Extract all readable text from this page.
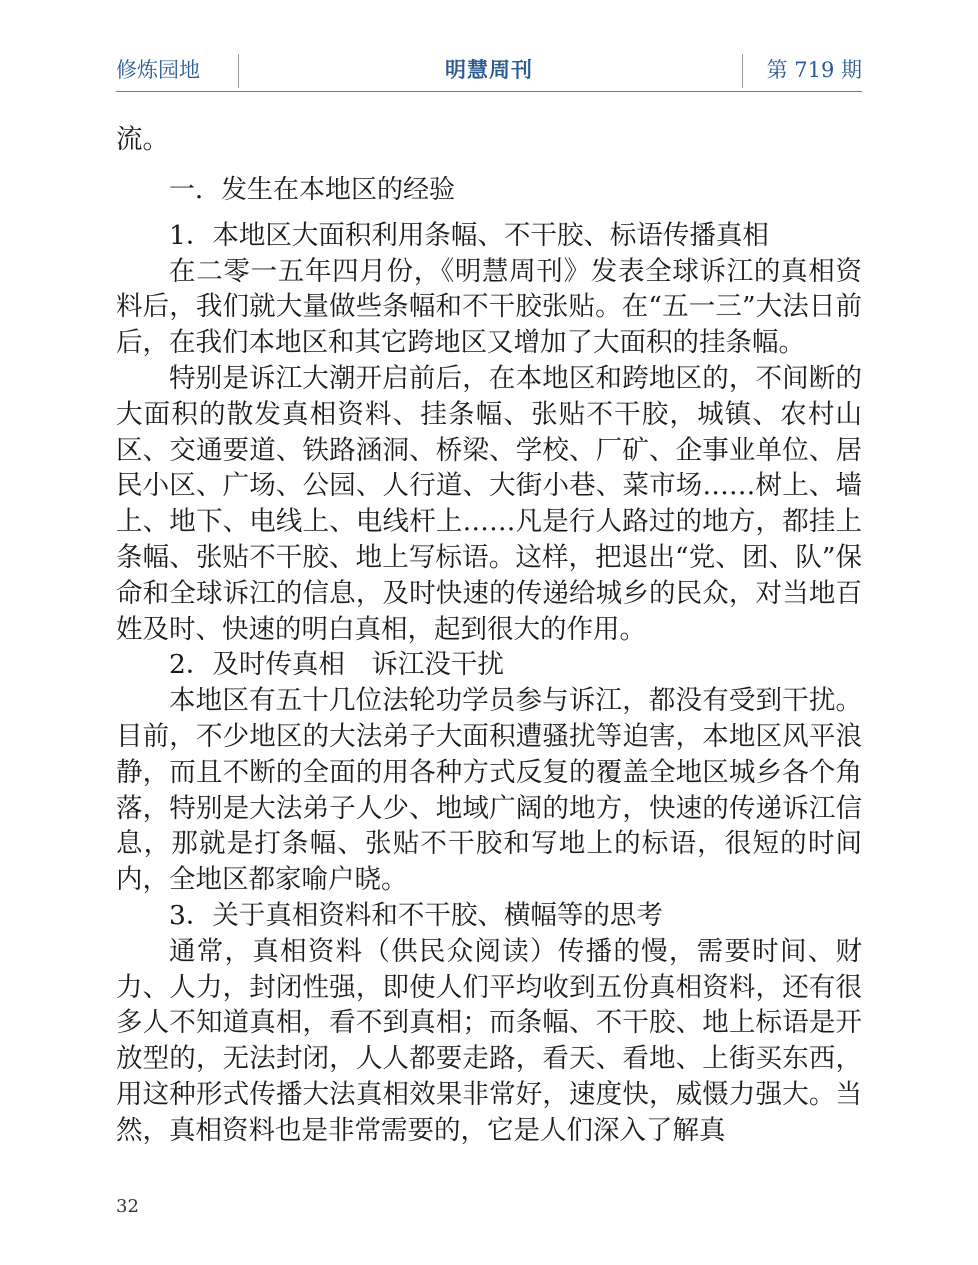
修炼园地	明慧周刊	第 719 期

流。

一．发生在本地区的经验

1．本地区大面积利用条幅、不干胶、标语传播真相

在二零一五年四月份，《明慧周刊》发表全球诉江的真相资料后，我们就大量做些条幅和不干胶张贴。在“五一三”大法日前后，在我们本地区和其它跨地区又增加了大面积的挂条幅。

特别是诉江大潮开启前后，在本地区和跨地区的，不间断的大面积的散发真相资料、挂条幅、张贴不干胶，城镇、农村山区、交通要道、铁路涵洞、桥梁、学校、厂矿、企事业单位、居民小区、广场、公园、人行道、大街小巷、菜市场……树上、墙上、地下、电线上、电线杆上……凡是行人路过的地方，都挂上条幅、张贴不干胶、地上写标语。这样，把退出“党、团、队”保命和全球诉江的信息，及时快速的传递给城乡的民众，对当地百姓及时、快速的明白真相，起到很大的作用。

2．及时传真相　诉江没干扰

本地区有五十几位法轮功学员参与诉江，都没有受到干扰。目前，不少地区的大法弟子大面积遭骚扰等迫害，本地区风平浪静，而且不断的全面的用各种方式反复的覆盖全地区城乡各个角落，特别是大法弟子人少、地域广阔的地方，快速的传递诉江信息，那就是打条幅、张贴不干胶和写地上的标语，很短的时间内，全地区都家喻户晓。

3．关于真相资料和不干胶、横幅等的思考

通常，真相资料（供民众阅读）传播的慢，需要时间、财力、人力，封闭性强，即使人们平均收到五份真相资料，还有很多人不知道真相，看不到真相；而条幅、不干胶、地上标语是开放型的，无法封闭，人人都要走路，看天、看地、上街买东西，用这种形式传播大法真相效果非常好，速度快，威慑力强大。当然，真相资料也是非常需要的，它是人们深入了解真

32
